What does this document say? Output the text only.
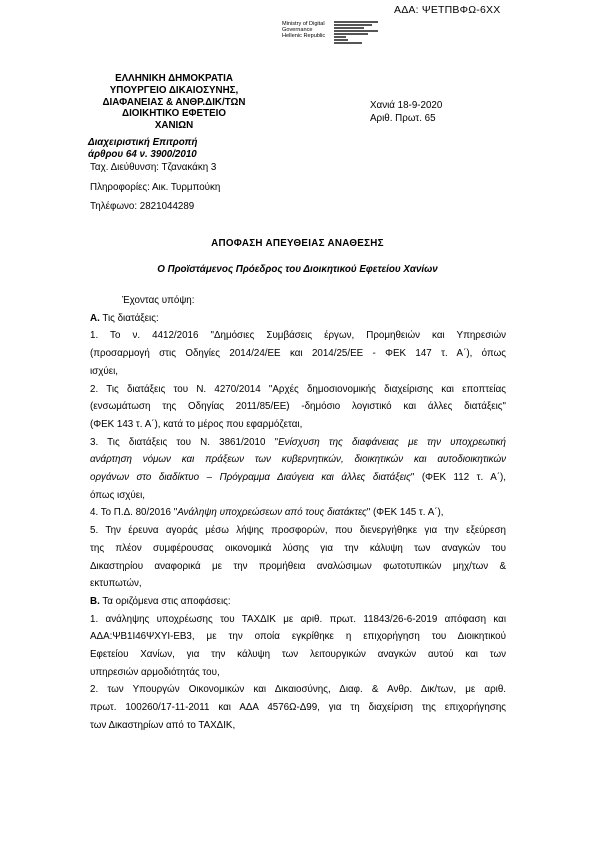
ΑΔΑ: ΨΕΤΠΒΦΩ-6ΧΧ
Ministry of Digital
Governance
Hellenic Republic
ΕΛΛΗΝΙΚΗ ΔΗΜΟΚΡΑΤΙΑ
ΥΠΟΥΡΓΕΙΟ ΔΙΚΑΙΟΣΥΝΗΣ,
ΔΙΑΦΑΝΕΙΑΣ & ΑΝΘΡ.ΔΙΚ/ΤΩΝ
ΔΙΟΙΚΗΤΙΚΟ ΕΦΕΤΕΙΟ
ΧΑΝΙΩΝ
Διαχειριστική Επιτροπή
άρθρου 64 ν. 3900/2010
Ταχ. Διεύθυνση: Τζανακάκη 3
Πληροφορίες: Αικ. Τυρμπούκη
Τηλέφωνο: 2821044289
Χανιά 18-9-2020
Αριθ. Πρωτ. 65
ΑΠΟΦΑΣΗ ΑΠΕΥΘΕΙΑΣ ΑΝΑΘΕΣΗΣ
Ο Προϊστάμενος Πρόεδρος του Διοικητικού Εφετείου Χανίων

Έχοντας υπόψη:

Α. Τις διατάξεις:

1. Το ν. 4412/2016 "Δημόσιες Συμβάσεις έργων, Προμηθειών και Υπηρεσιών

(προσαρμογή στις Οδηγίες 2014/24/ΕΕ και 2014/25/ΕΕ - ΦΕΚ 147 τ. Α΄), όπως

ισχύει,

2. Τις διατάξεις του Ν. 4270/2014 "Αρχές δημοσιονομικής διαχείρισης και εποπτείας

(ενσωμάτωση της Οδηγίας 2011/85/ΕΕ) -δημόσιο λογιστικό και άλλες διατάξεις"

(ΦΕΚ 143 τ. Α΄), κατά το μέρος που εφαρμόζεται,

3. Τις διατάξεις του Ν. 3861/2010 "Ενίσχυση της διαφάνειας με την υποχρεωτική

ανάρτηση νόμων και πράξεων των κυβερνητικών, διοικητικών και αυτοδιοικητικών

οργάνων στο διαδίκτυο – Πρόγραμμα Διαύγεια και άλλες διατάξεις" (ΦΕΚ 112 τ. Α΄),

όπως ισχύει,

4. Το Π.Δ. 80/2016 "Ανάληψη υποχρεώσεων από τους διατάκτες" (ΦΕΚ 145 τ. Α΄),

5. Την έρευνα αγοράς μέσω λήψης προσφορών, που διενεργήθηκε για την εξεύρεση

της πλέον συμφέρουσας οικονομικά λύσης για την κάλυψη των αναγκών του

Δικαστηρίου αναφορικά με την προμήθεια αναλώσιμων φωτοτυπικών μηχ/των &

εκτυπωτών,

Β. Τα οριζόμενα στις αποφάσεις:

1. ανάληψης υποχρέωσης του ΤΑΧΔΙΚ με αριθ. πρωτ. 11843/26-6-2019 απόφαση και

ΑΔΑ:ΨΒ1Ι46ΨΧΥΙ-ΕΒ3, με την οποία εγκρίθηκε η επιχορήγηση του Διοικητικού

Εφετείου Χανίων, για την κάλυψη των λειτουργικών αναγκών αυτού και των

υπηρεσιών αρμοδιότητάς του,

2. των Υπουργών Οικονομικών και Δικαιοσύνης, Διαφ. & Ανθρ. Δικ/των, με αριθ.

πρωτ. 100260/17-11-2011 και ΑΔΑ 4576Ω-Δ99, για τη διαχείριση της επιχορήγησης

των Δικαστηρίων από το ΤΑΧΔΙΚ,
